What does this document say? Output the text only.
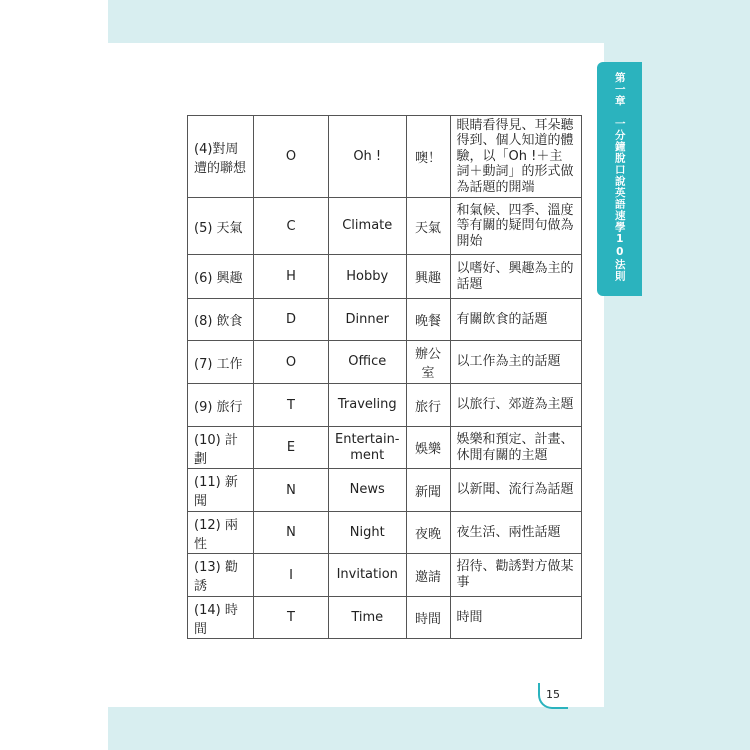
第一章　一分鐘脫口說英語速學10法則
(4)對周遭的聯想	O	Oh !	噢！	眼睛看得見、耳朵聽得到、個人知道的體驗，以「Oh !＋主詞＋動詞」的形式做為話題的開端
(5) 天氣	C	Climate	天氣	和氣候、四季、溫度等有關的疑問句做為開始
(6) 興趣	H	Hobby	興趣	以嗜好、興趣為主的話題
(8) 飲食	D	Dinner	晚餐	有關飲食的話題
(7) 工作	O	Office	辦公室	以工作為主的話題
(9) 旅行	T	Traveling	旅行	以旅行、郊遊為主題
(10) 計劃	E	Entertain-ment	娛樂	娛樂和預定、計畫、休閒有關的主題
(11) 新聞	N	News	新聞	以新聞、流行為話題
(12) 兩性	N	Night	夜晚	夜生活、兩性話題
(13) 勸誘	I	Invitation	邀請	招待、勸誘對方做某事
(14) 時間	T	Time	時間	時間
15
